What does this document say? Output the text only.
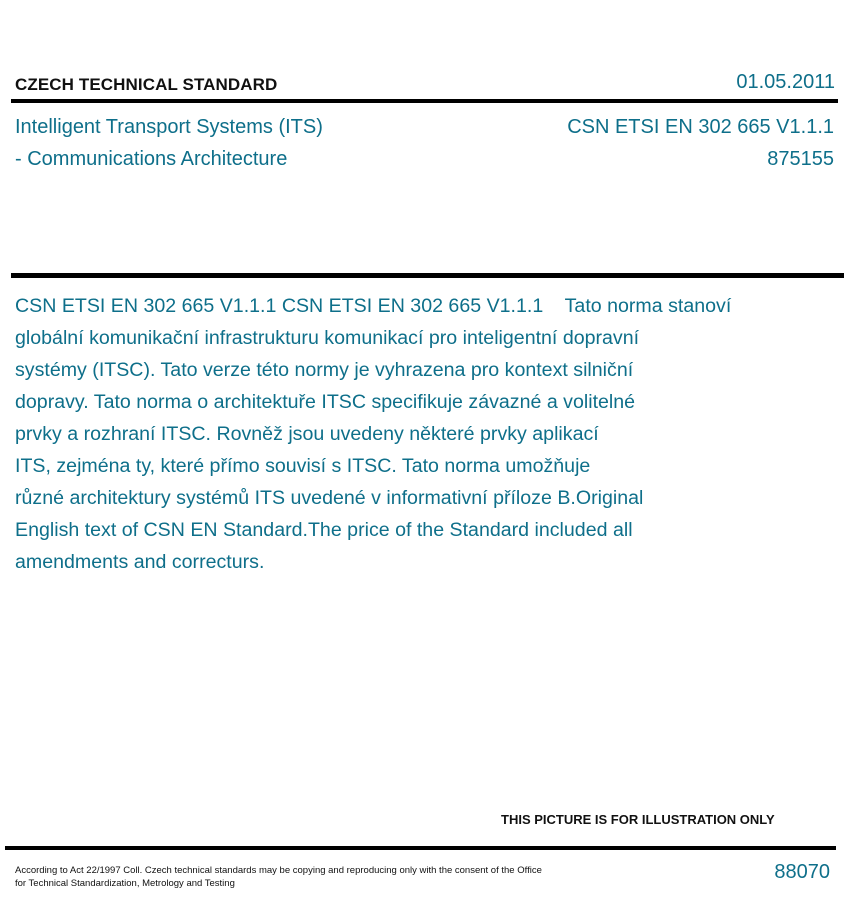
CZECH TECHNICAL STANDARD	01.05.2011
Intelligent Transport Systems (ITS)
- Communications Architecture
CSN ETSI EN 302 665 V1.1.1
875155
CSN ETSI EN 302 665 V1.1.1 CSN ETSI EN 302 665 V1.1.1    Tato norma stanoví
globální komunikační infrastrukturu komunikací pro inteligentní dopravní
systémy (ITSC). Tato verze této normy je vyhrazena pro kontext silniční
dopravy. Tato norma o architektuře ITSC specifikuje závazné a volitelné
prvky a rozhraní ITSC. Rovněž jsou uvedeny některé prvky aplikací
ITS, zejména ty, které přímo souvisí s ITSC. Tato norma umožňuje
různé architektury systémů ITS uvedené v informativní příloze B.Original
English text of CSN EN Standard.The price of the Standard included all
amendments and correcturs.
THIS PICTURE IS FOR ILLUSTRATION ONLY
According to Act 22/1997 Coll. Czech technical standards may be copying and reproducing only with the consent of the Office
for Technical Standardization, Metrology and Testing
88070
